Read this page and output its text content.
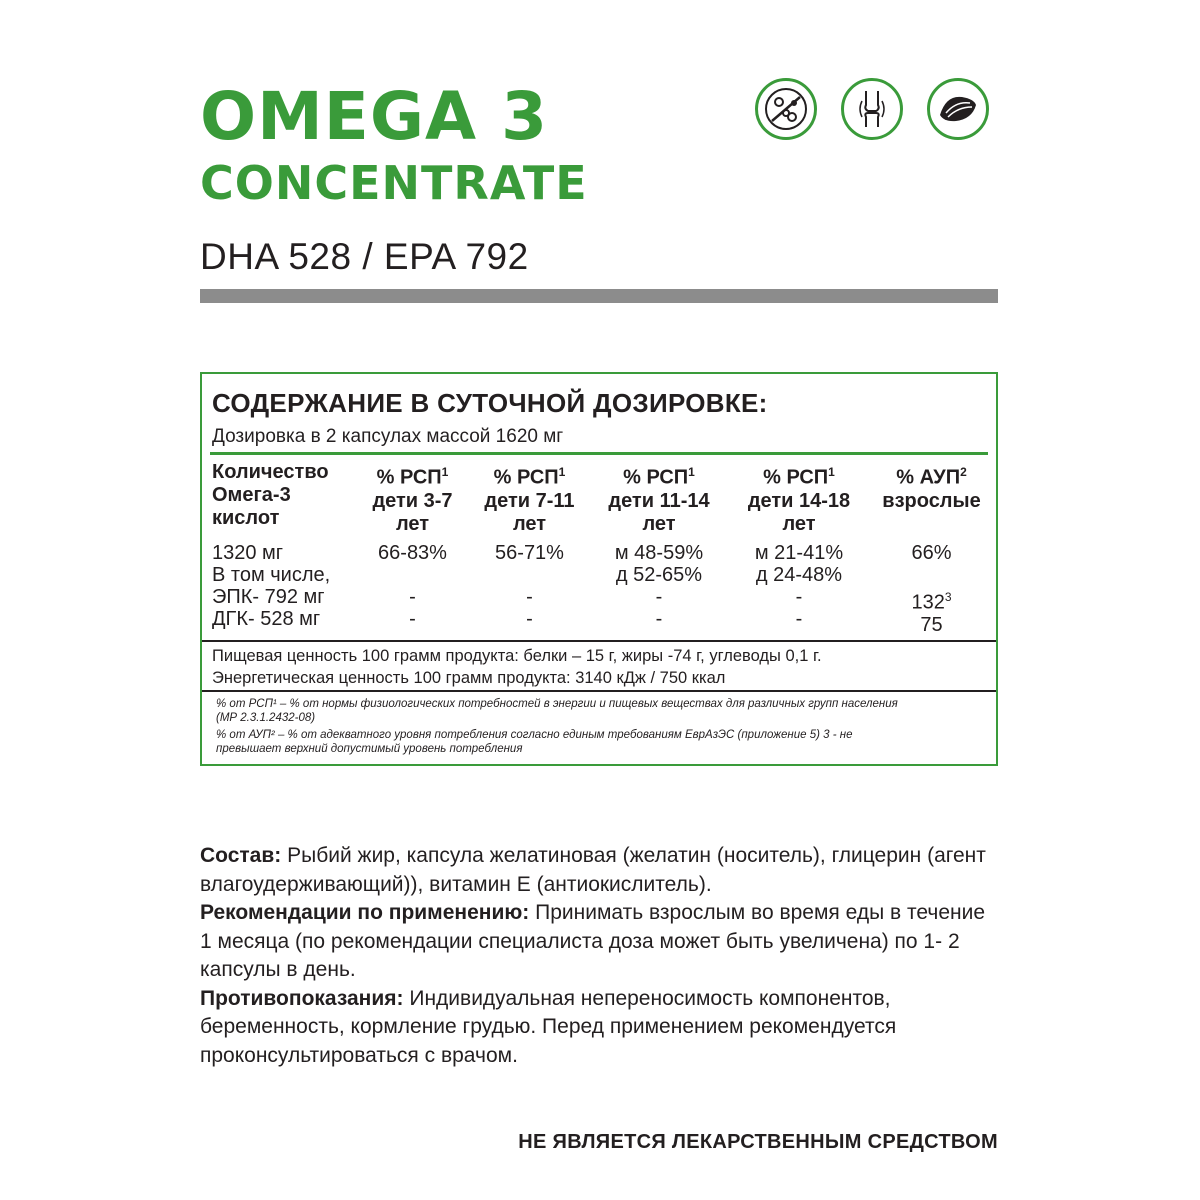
OMEGA 3
CONCENTRATE
DHA 528 / EPA 792
СОДЕРЖАНИЕ В СУТОЧНОЙ ДОЗИРОВКЕ:
Дозировка в 2 капсулах массой 1620 мг
Количество
Омега-3
кислот
% РСП$^1$
дети 3-7
лет
% РСП$^1$
дети 7-11
лет
% РСП$^1$
дети 11-14
лет
% РСП$^1$
дети 14-18
лет
% АУП$^2$
взрослые
1320 мг
В том числе,
ЭПК- 792 мг
ДГК- 528 мг
66-83%

-
-
56-71%

-
-
м 48-59%
д 52-65%
-
-
м 21-41%
д 24-48%
-
-
66%

$132^3$
75
Пищевая ценность 100 грамм продукта: белки – 15 г, жиры -74 г, углеводы 0,1 г.
Энергетическая ценность 100 грамм продукта: 3140 кДж / 750 ккал
% от РСП¹ – % от нормы физиологических потребностей в энергии и пищевых веществах для различных групп населения
(МР 2.3.1.2432-08)
% от АУП² – % от адекватного уровня потребления согласно единым требованиям ЕврАзЭС (приложение 5) 3 - не
превышает верхний допустимый уровень потребления
Состав: Рыбий жир, капсула желатиновая (желатин (носитель), глицерин (агент влагоудерживающий)), витамин Е (антиокислитель).
Рекомендации по применению: Принимать взрослым во время еды в течение 1 месяца (по рекомендации специалиста доза может быть увеличена) по 1- 2 капсулы в день.
Противопоказания: Индивидуальная непереносимость компонентов, беременность, кормление грудью. Перед применением рекомендуется проконсультироваться с врачом.
НЕ ЯВЛЯЕТСЯ ЛЕКАРСТВЕННЫМ СРЕДСТВОМ
